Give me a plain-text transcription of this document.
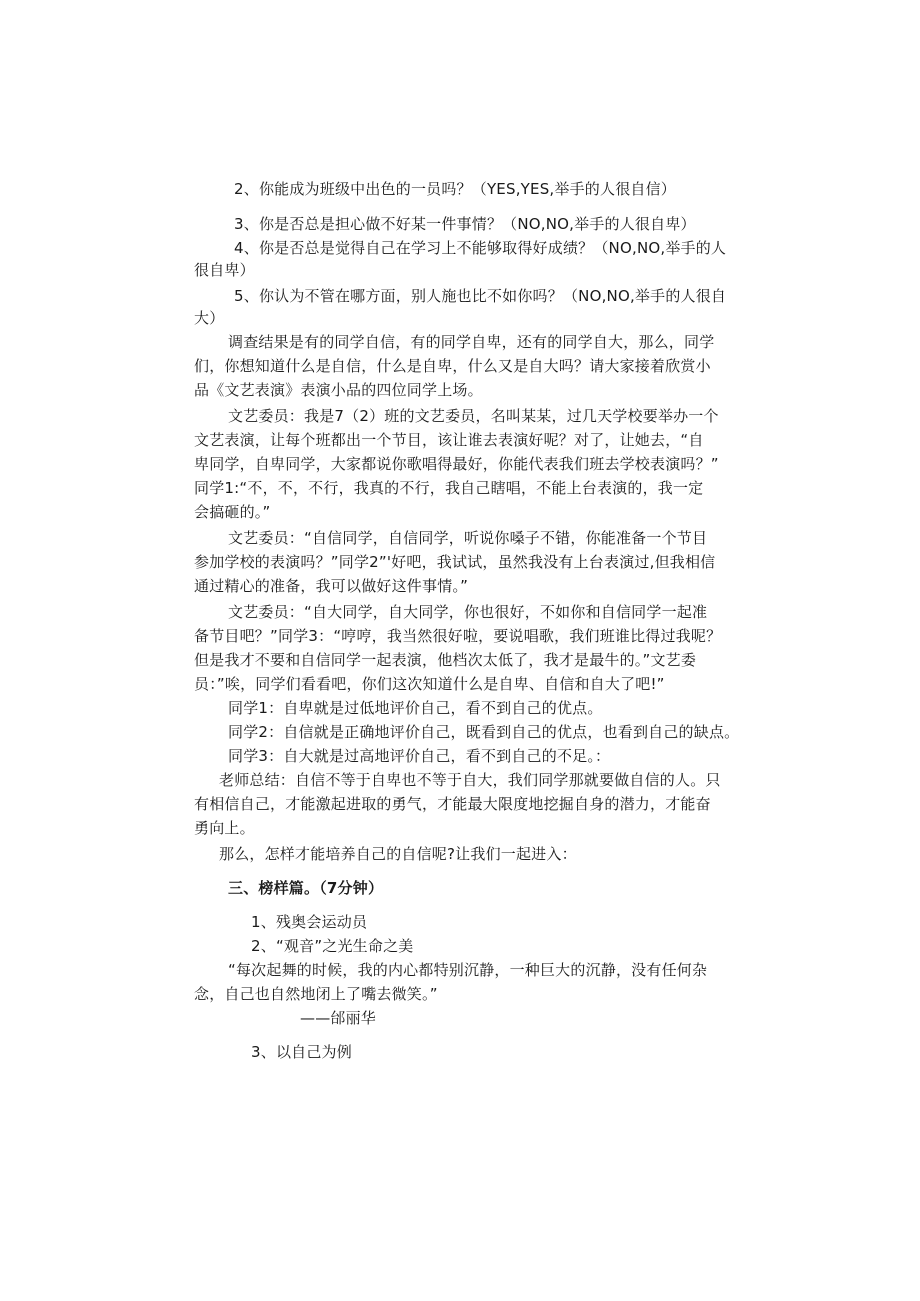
2、你能成为班级中出色的一员吗？（YES,YES,举手的人很自信）
3、你是否总是担心做不好某一件事情？（NO,NO,举手的人很自卑）
4、你是否总是觉得自己在学习上不能够取得好成绩？（NO,NO,举手的人
很自卑）
5、你认为不管在哪方面，别人施也比不如你吗？（NO,NO,举手的人很自
大）
调查结果是有的同学自信，有的同学自卑，还有的同学自大，那么，同学
们，你想知道什么是自信，什么是自卑，什么又是自大吗？请大家接着欣赏小
品《文艺表演》表演小品的四位同学上场。
文艺委员：我是7（2）班的文艺委员，名叫某某，过几天学校要举办一个
文艺表演，让每个班都出一个节目，该让谁去表演好呢？对了，让她去，“自
卑同学，自卑同学，大家都说你歌唱得最好，你能代表我们班去学校表演吗？”
同学1:“不，不，不行，我真的不行，我自己瞎唱，不能上台表演的，我一定
会搞砸的。”
文艺委员：“自信同学，自信同学，听说你嗓子不错，你能准备一个节目
参加学校的表演吗？”同学2”'好吧，我试试，虽然我没有上台表演过,但我相信
通过精心的准备，我可以做好这件事情。”
文艺委员：“自大同学，自大同学，你也很好，不如你和自信同学一起准
备节目吧？”同学3：“哼哼，我当然很好啦，要说唱歌，我们班谁比得过我呢？
但是我才不要和自信同学一起表演，他档次太低了，我才是最牛的。”文艺委
员：”唉，同学们看看吧，你们这次知道什么是自卑、自信和自大了吧!”
同学1：自卑就是过低地评价自己，看不到自己的优点。
同学2：自信就是正确地评价自己，既看到自己的优点，也看到自己的缺点。
同学3：自大就是过高地评价自己，看不到自己的不足。：
老师总结：自信不等于自卑也不等于自大，我们同学那就要做自信的人。只
有相信自己，才能激起进取的勇气，才能最大限度地挖掘自身的潜力，才能奋
勇向上。
那么，怎样才能培养自己的自信呢?让我们一起进入：
三、榜样篇。（7分钟）
1、残奥会运动员
2、“观音”之光生命之美
“每次起舞的时候，我的内心都特别沉静，一种巨大的沉静，没有任何杂
念，自己也自然地闭上了嘴去微笑。”
——邰丽华
3、以自己为例
